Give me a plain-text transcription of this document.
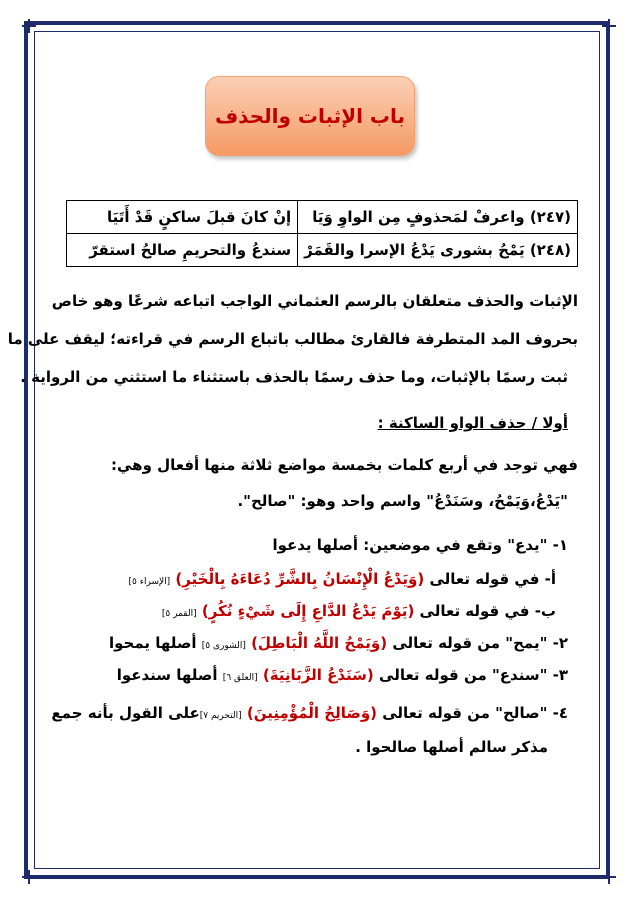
باب الإثبات والحذف
(٢٤٧) واعرفْ لمَحذوفٍ مِن الواوِ وَيَا	إنْ كانَ قبلَ ساكنٍ قَدْ أَتَيَا
(٢٤٨) يَمْحُ بشورى يَدْعُ الإسرا والقَمَرْ	سندعُ والتحريمِ صالحُ استقرّ
الإثبات والحذف متعلقان بالرسم العثماني الواجب اتباعه شرعًا وهو خاص
بحروف المد المتطرفة فالقارئ مطالب باتباع الرسم في قراءته؛ ليقف على ما
ثبت رسمًا بالإثبات، وما حذف رسمًا بالحذف باستثناء ما استثني من الرواية .
أولا / حذف الواو الساكنة :
فهي توجد في أربع كلمات بخمسة مواضع ثلاثة منها أفعال وهي:
"يَدْعُ،وَيَمْحُ، وسَنَدْعُ" واسم واحد وهو: "صالح".
١- "يدع" وتقع في موضعين: أصلها يدعوا
أ- في قوله تعالى (وَيَدْعُ الْإِنْسَانُ بِالشَّرِّ دُعَاءَهُ بِالْخَيْرِ) [الإسراء ٥]
ب- في قوله تعالى (يَوْمَ يَدْعُ الدَّاعِ إِلَى شَيْءٍ نُكُرٍ) [القمر ٥]
٢- "يمح" من قوله تعالى (وَيَمْحُ اللَّهُ الْبَاطِلَ) [الشورى ٥] أصلها يمحوا
٣- "سندع" من قوله تعالى (سَنَدْعُ الزَّبَانِيَةَ) [العلق ٦] أصلها سندعوا
٤- "صالح" من قوله تعالى (وَصَالِحُ الْمُؤْمِنِينَ) [التحريم ٧]على القول بأنه جمع
مذكر سالم أصلها صالحوا .
